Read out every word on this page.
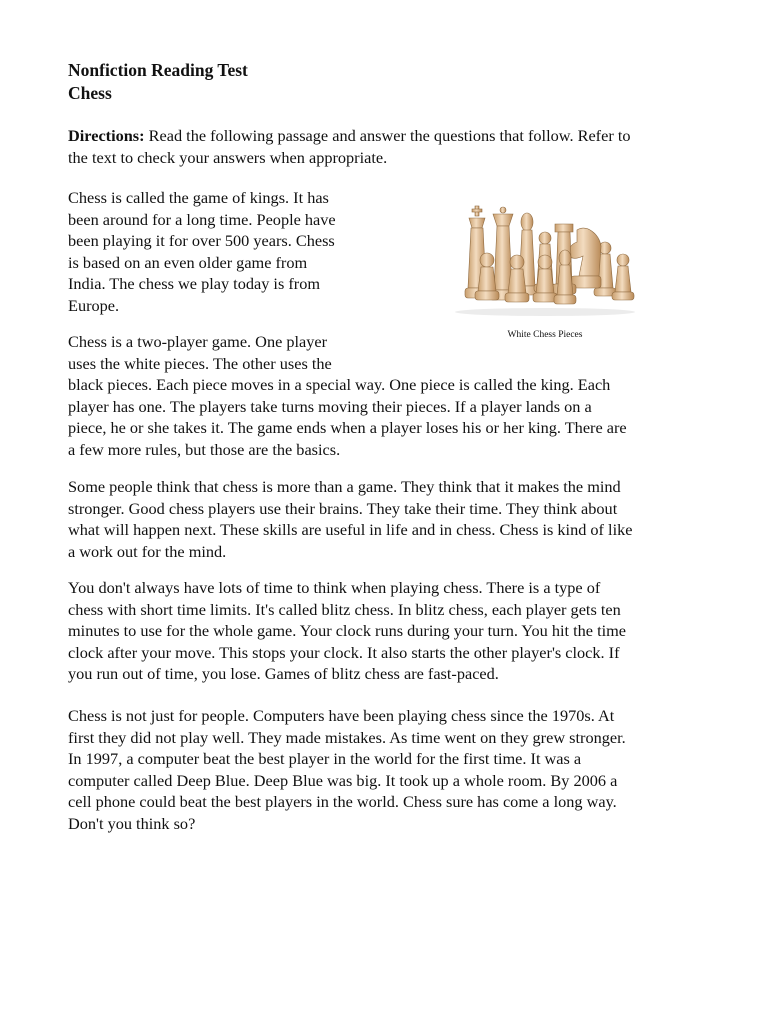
Nonfiction Reading Test
Chess

Directions: Read the following passage and answer the questions that follow. Refer to

the text to check your answers when appropriate.

Chess is called the game of kings. It has

been around for a long time. People have

been playing it for over 500 years. Chess

is based on an even older game from

India. The chess we play today is from

Europe.

White Chess Pieces

Chess is a two-player game. One player

uses the white pieces. The other uses the

black pieces. Each piece moves in a special way. One piece is called the king. Each

player has one. The players take turns moving their pieces. If a player lands on a

piece, he or she takes it. The game ends when a player loses his or her king. There are

a few more rules, but those are the basics.

Some people think that chess is more than a game. They think that it makes the mind

stronger. Good chess players use their brains. They take their time. They think about

what will happen next. These skills are useful in life and in chess. Chess is kind of like

a work out for the mind.

You don't always have lots of time to think when playing chess. There is a type of

chess with short time limits. It's called blitz chess. In blitz chess, each player gets ten

minutes to use for the whole game. Your clock runs during your turn. You hit the time

clock after your move. This stops your clock. It also starts the other player's clock. If

you run out of time, you lose. Games of blitz chess are fast-paced.

Chess is not just for people. Computers have been playing chess since the 1970s. At

first they did not play well. They made mistakes. As time went on they grew stronger.

In 1997, a computer beat the best player in the world for the first time. It was a

computer called Deep Blue. Deep Blue was big. It took up a whole room. By 2006 a

cell phone could beat the best players in the world. Chess sure has come a long way.

Don't you think so?
